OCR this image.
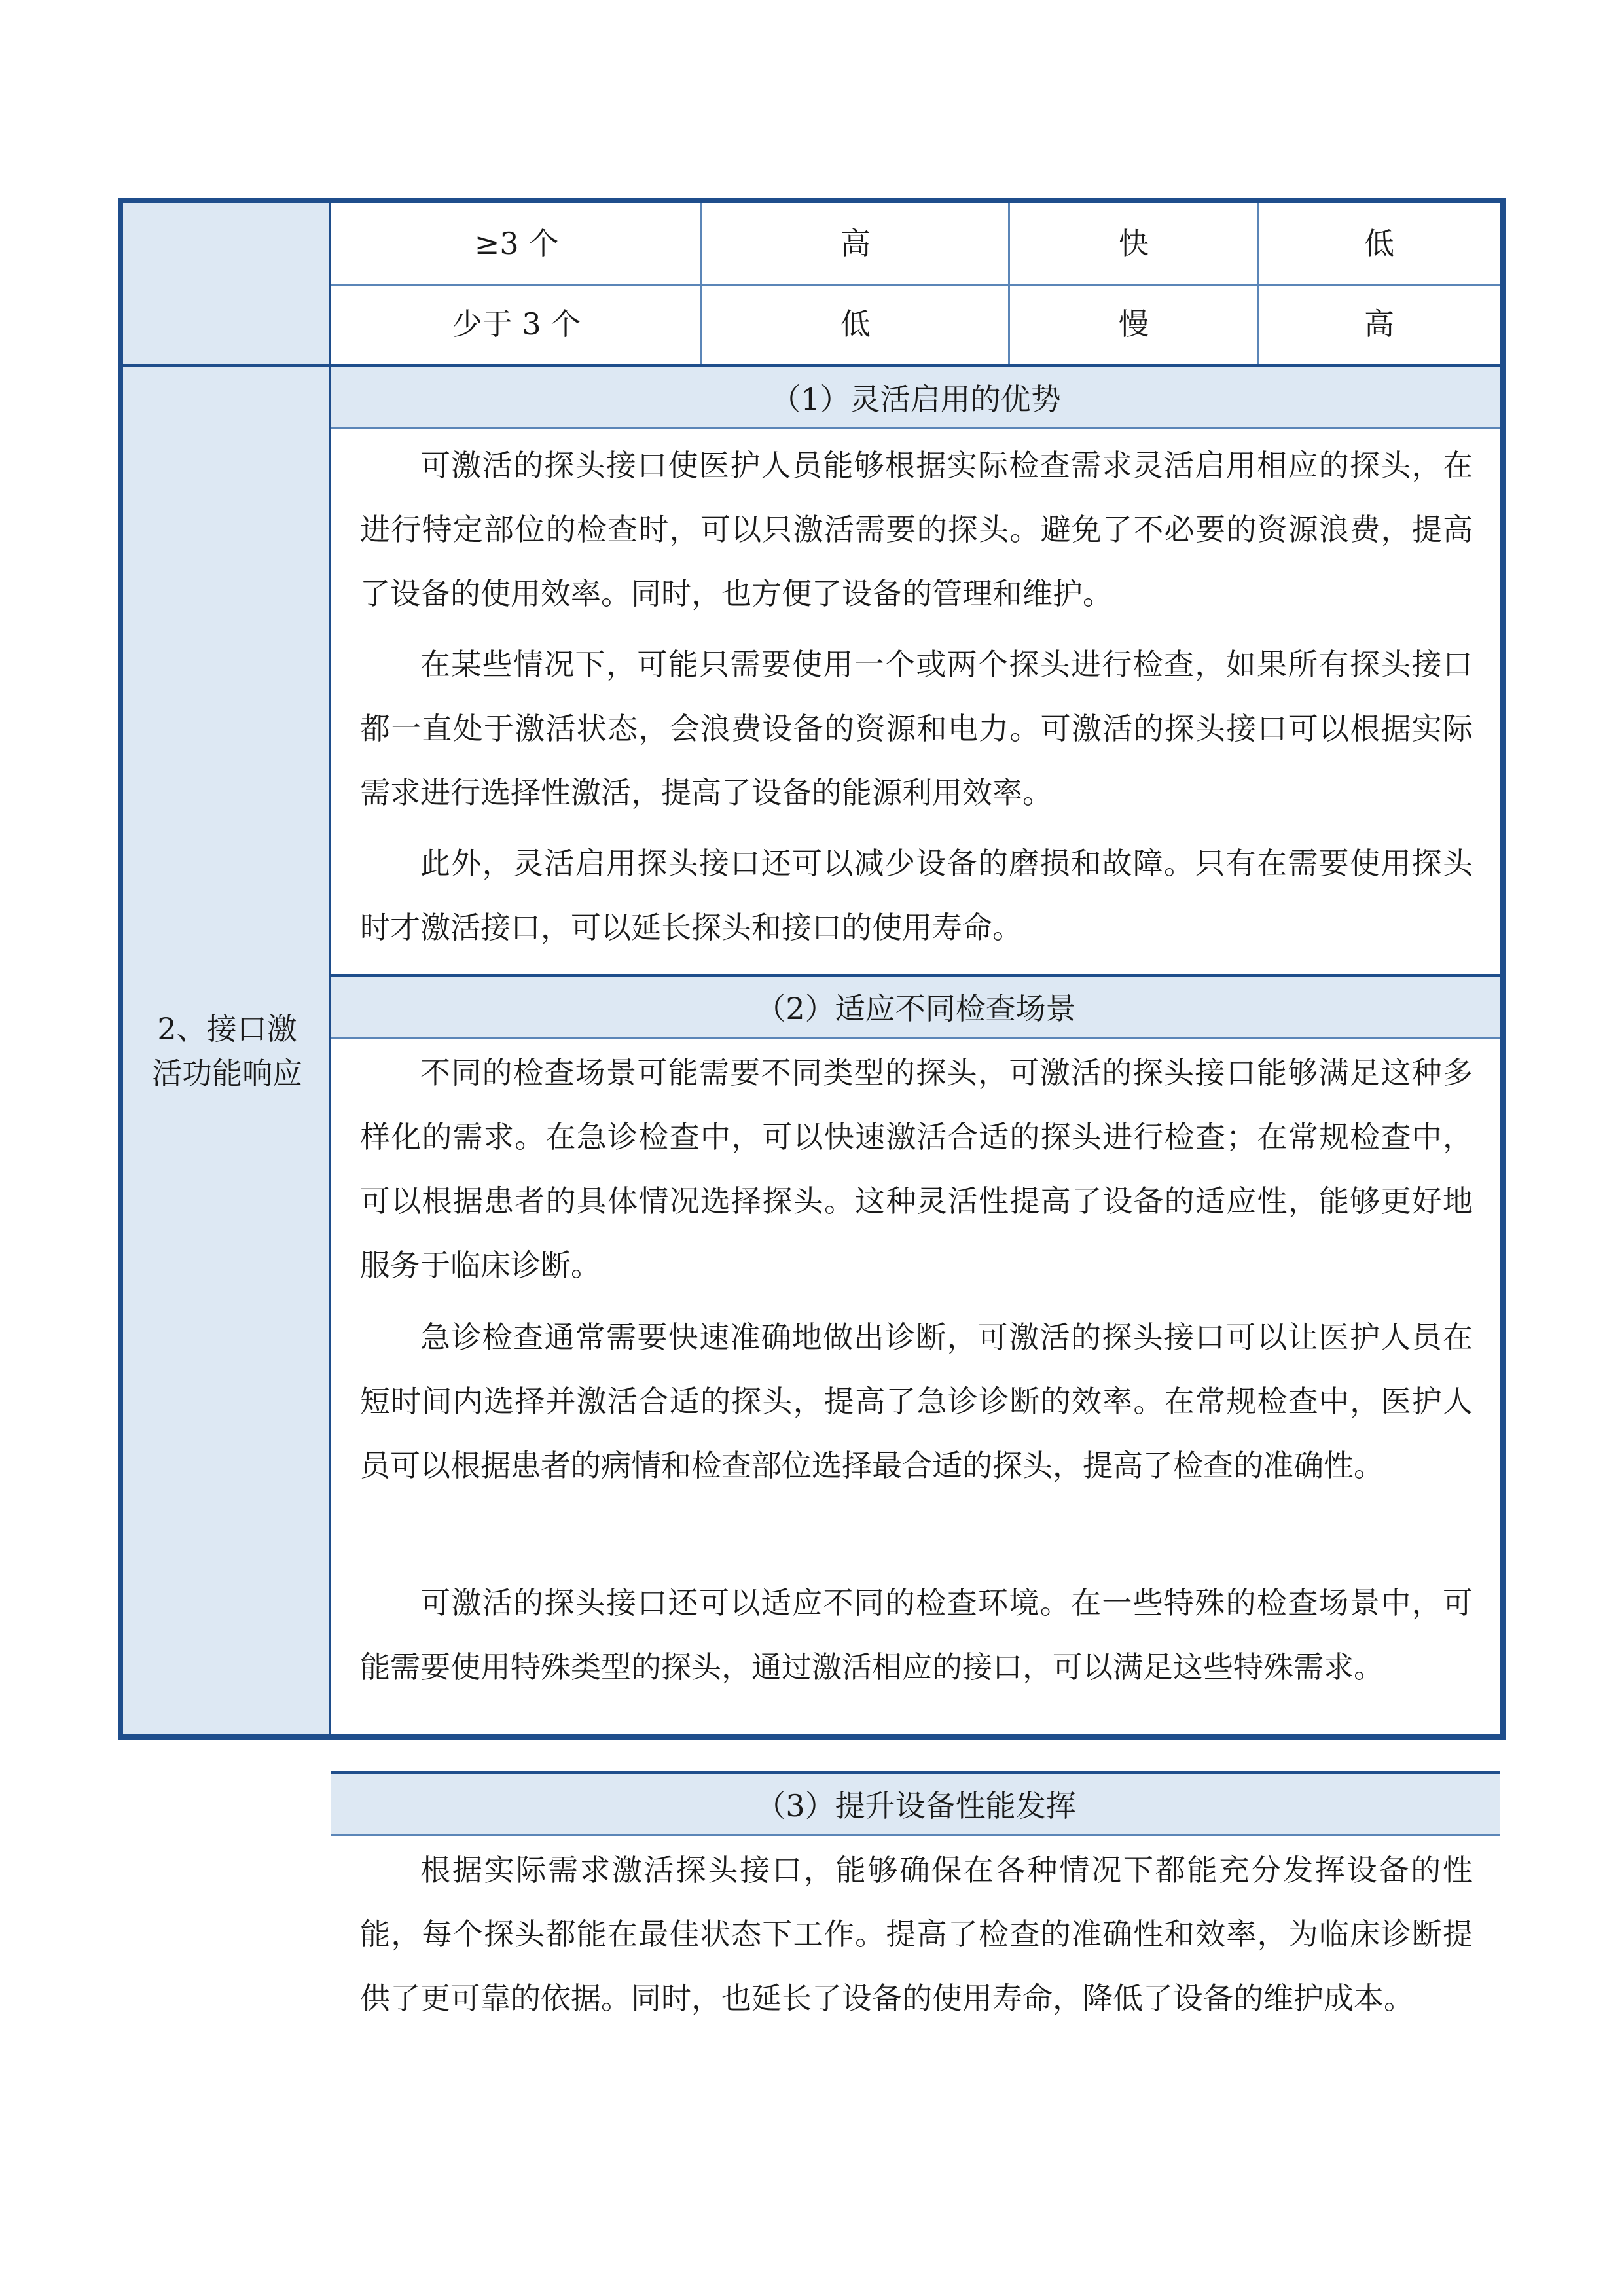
≥3 个	高	快	低
少于 3 个	低	慢	高
2、接口激活功能响应
（1）灵活启用的优势

可激活的探头接口使医护人员能够根据实际检查需求灵活启用相应的探头，在进行特定部位的检查时，可以只激活需要的探头。避免了不必要的资源浪费，提高了设备的使用效率。同时，也方便了设备的管理和维护。

在某些情况下，可能只需要使用一个或两个探头进行检查，如果所有探头接口都一直处于激活状态，会浪费设备的资源和电力。可激活的探头接口可以根据实际需求进行选择性激活，提高了设备的能源利用效率。

此外，灵活启用探头接口还可以减少设备的磨损和故障。只有在需要使用探头时才激活接口，可以延长探头和接口的使用寿命。

（2）适应不同检查场景

不同的检查场景可能需要不同类型的探头，可激活的探头接口能够满足这种多样化的需求。在急诊检查中，可以快速激活合适的探头进行检查；在常规检查中，可以根据患者的具体情况选择探头。这种灵活性提高了设备的适应性，能够更好地服务于临床诊断。

急诊检查通常需要快速准确地做出诊断，可激活的探头接口可以让医护人员在短时间内选择并激活合适的探头，提高了急诊诊断的效率。在常规检查中，医护人员可以根据患者的病情和检查部位选择最合适的探头，提高了检查的准确性。

可激活的探头接口还可以适应不同的检查环境。在一些特殊的检查场景中，可能需要使用特殊类型的探头，通过激活相应的接口，可以满足这些特殊需求。

（3）提升设备性能发挥

根据实际需求激活探头接口，能够确保在各种情况下都能充分发挥设备的性能，每个探头都能在最佳状态下工作。提高了检查的准确性和效率，为临床诊断提供了更可靠的依据。同时，也延长了设备的使用寿命，降低了设备的维护成本。
